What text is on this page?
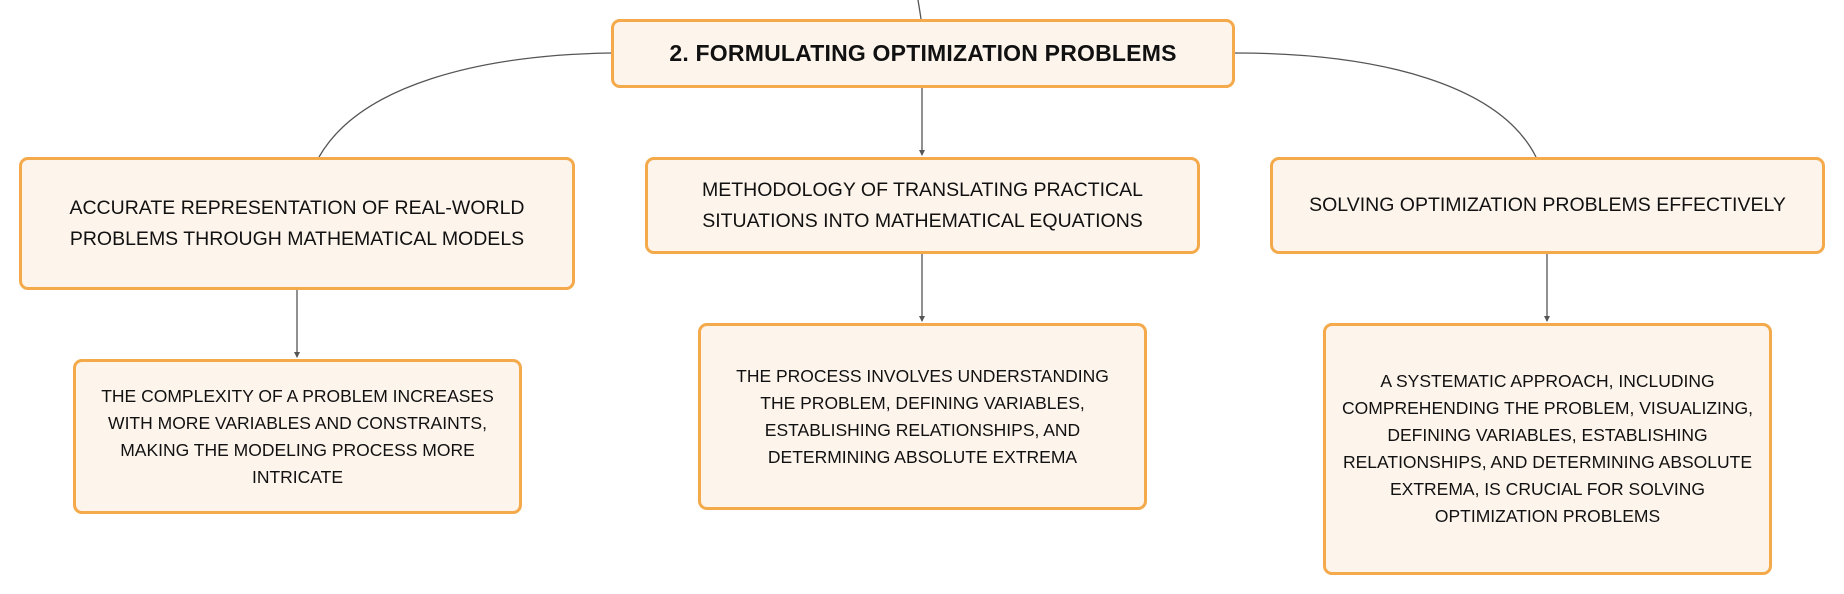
2. FORMULATING OPTIMIZATION PROBLEMS
ACCURATE REPRESENTATION OF REAL-WORLD PROBLEMS THROUGH MATHEMATICAL MODELS
METHODOLOGY OF TRANSLATING PRACTICAL SITUATIONS INTO MATHEMATICAL EQUATIONS
SOLVING OPTIMIZATION PROBLEMS EFFECTIVELY
THE COMPLEXITY OF A PROBLEM INCREASES WITH MORE VARIABLES AND CONSTRAINTS, MAKING THE MODELING PROCESS MORE INTRICATE
THE PROCESS INVOLVES UNDERSTANDING THE PROBLEM, DEFINING VARIABLES, ESTABLISHING RELATIONSHIPS, AND DETERMINING ABSOLUTE EXTREMA
A SYSTEMATIC APPROACH, INCLUDING COMPREHENDING THE PROBLEM, VISUALIZING, DEFINING VARIABLES, ESTABLISHING RELATIONSHIPS, AND DETERMINING ABSOLUTE EXTREMA, IS CRUCIAL FOR SOLVING OPTIMIZATION PROBLEMS
